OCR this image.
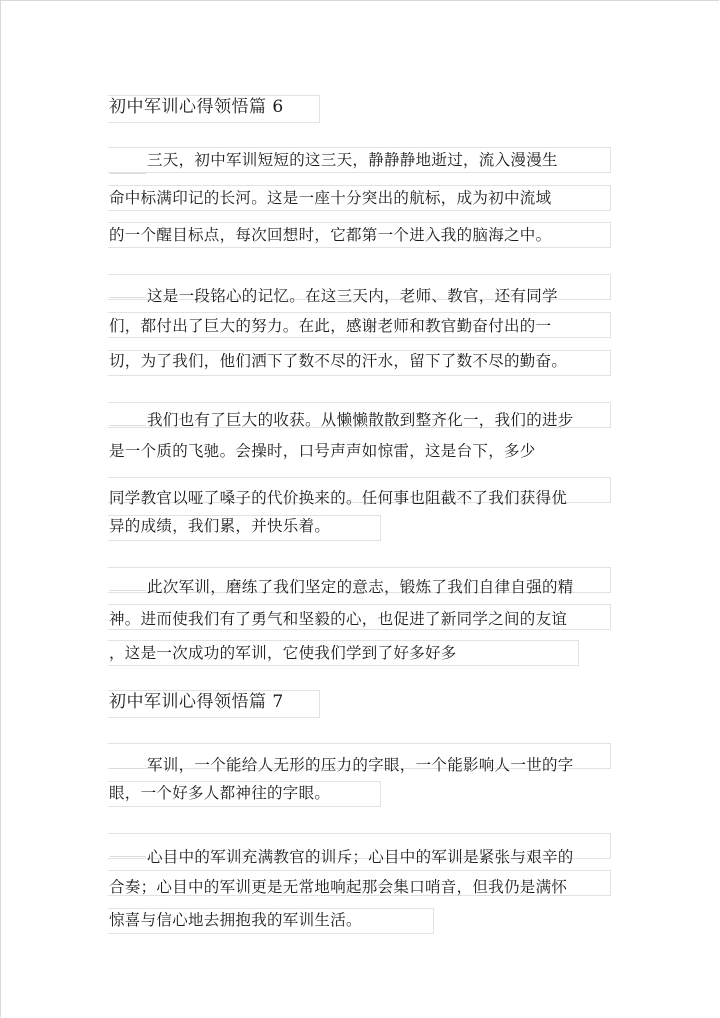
初中军训心得领悟篇 6
三天，初中军训短短的这三天，静静静地逝过，流入漫漫生
命中标满印记的长河。这是一座十分突出的航标，成为初中流域
的一个醒目标点，每次回想时，它都第一个进入我的脑海之中。
这是一段铭心的记忆。在这三天内，老师、教官，还有同学
们，都付出了巨大的努力。在此，感谢老师和教官勤奋付出的一
切，为了我们，他们洒下了数不尽的汗水，留下了数不尽的勤奋。
我们也有了巨大的收获。从懒懒散散到整齐化一，我们的进步
是一个质的飞驰。会操时，口号声声如惊雷，这是台下，多少
同学教官以哑了嗓子的代价换来的。任何事也阻截不了我们获得优
异的成绩，我们累，并快乐着。
此次军训，磨练了我们坚定的意志，锻炼了我们自律自强的精
神。进而使我们有了勇气和坚毅的心，也促进了新同学之间的友谊
，这是一次成功的军训，它使我们学到了好多好多
初中军训心得领悟篇 7
军训，一个能给人无形的压力的字眼，一个能影响人一世的字
眼，一个好多人都神往的字眼。
心目中的军训充满教官的训斥；心目中的军训是紧张与艰辛的
合奏；心目中的军训更是无常地响起那会集口哨音，但我仍是满怀
惊喜与信心地去拥抱我的军训生活。
